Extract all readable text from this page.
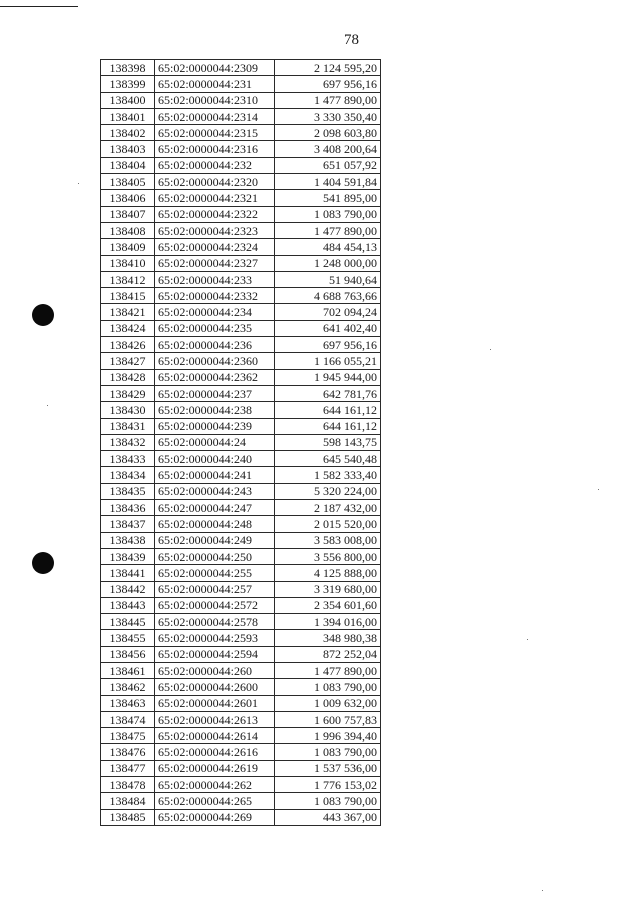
78
138398	65:02:0000044:2309	2 124 595,20
138399	65:02:0000044:231	697 956,16
138400	65:02:0000044:2310	1 477 890,00
138401	65:02:0000044:2314	3 330 350,40
138402	65:02:0000044:2315	2 098 603,80
138403	65:02:0000044:2316	3 408 200,64
138404	65:02:0000044:232	651 057,92
138405	65:02:0000044:2320	1 404 591,84
138406	65:02:0000044:2321	541 895,00
138407	65:02:0000044:2322	1 083 790,00
138408	65:02:0000044:2323	1 477 890,00
138409	65:02:0000044:2324	484 454,13
138410	65:02:0000044:2327	1 248 000,00
138412	65:02:0000044:233	51 940,64
138415	65:02:0000044:2332	4 688 763,66
138421	65:02:0000044:234	702 094,24
138424	65:02:0000044:235	641 402,40
138426	65:02:0000044:236	697 956,16
138427	65:02:0000044:2360	1 166 055,21
138428	65:02:0000044:2362	1 945 944,00
138429	65:02:0000044:237	642 781,76
138430	65:02:0000044:238	644 161,12
138431	65:02:0000044:239	644 161,12
138432	65:02:0000044:24	598 143,75
138433	65:02:0000044:240	645 540,48
138434	65:02:0000044:241	1 582 333,40
138435	65:02:0000044:243	5 320 224,00
138436	65:02:0000044:247	2 187 432,00
138437	65:02:0000044:248	2 015 520,00
138438	65:02:0000044:249	3 583 008,00
138439	65:02:0000044:250	3 556 800,00
138441	65:02:0000044:255	4 125 888,00
138442	65:02:0000044:257	3 319 680,00
138443	65:02:0000044:2572	2 354 601,60
138445	65:02:0000044:2578	1 394 016,00
138455	65:02:0000044:2593	348 980,38
138456	65:02:0000044:2594	872 252,04
138461	65:02:0000044:260	1 477 890,00
138462	65:02:0000044:2600	1 083 790,00
138463	65:02:0000044:2601	1 009 632,00
138474	65:02:0000044:2613	1 600 757,83
138475	65:02:0000044:2614	1 996 394,40
138476	65:02:0000044:2616	1 083 790,00
138477	65:02:0000044:2619	1 537 536,00
138478	65:02:0000044:262	1 776 153,02
138484	65:02:0000044:265	1 083 790,00
138485	65:02:0000044:269	443 367,00
